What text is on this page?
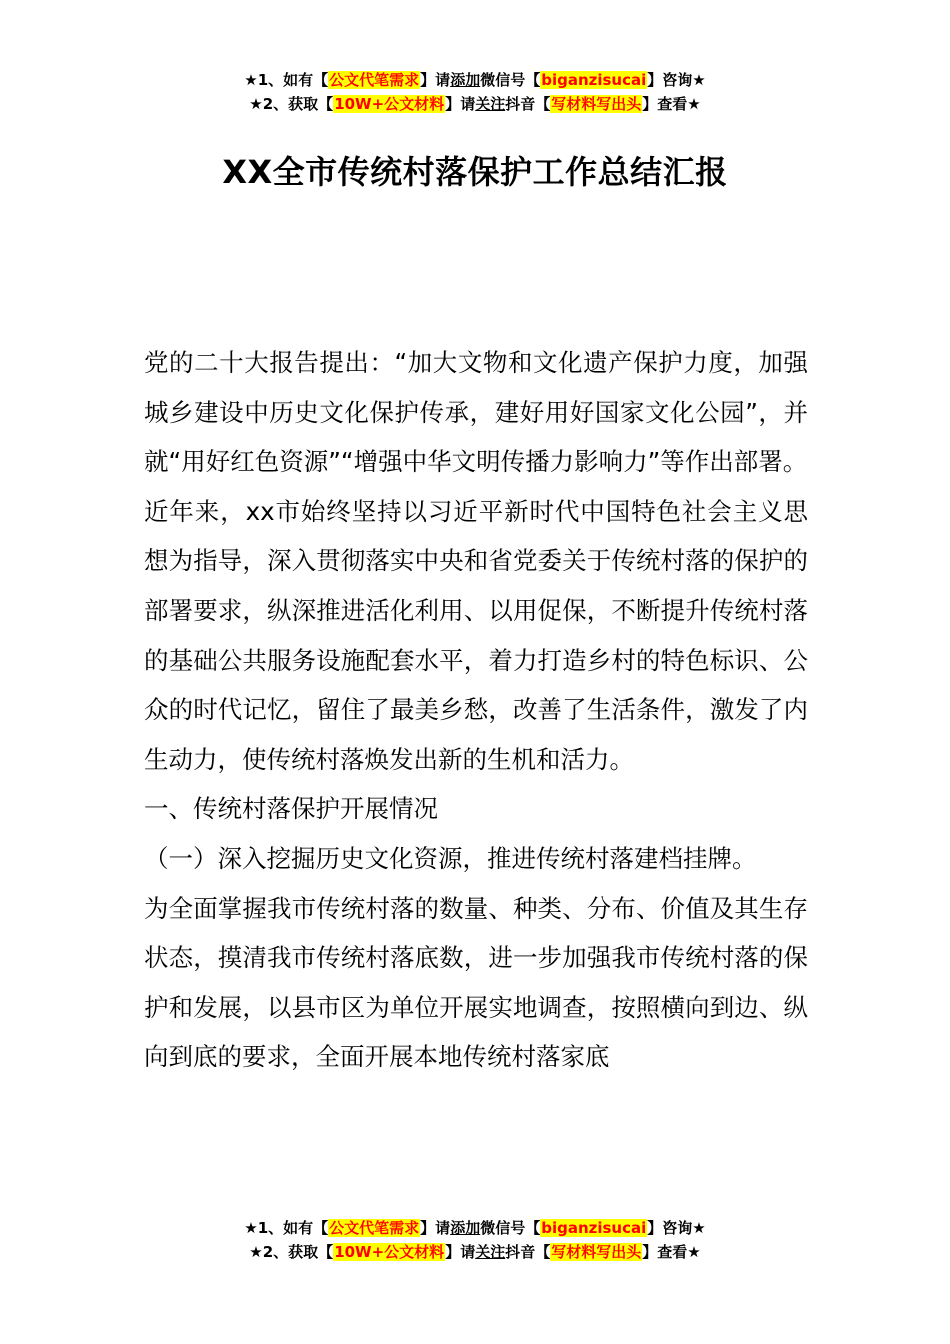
★1、如有【公文代笔需求】请添加微信号【biganzisucai】咨询★
★2、获取【10W+公文材料】请关注抖音【写材料写出头】查看★
XX全市传统村落保护工作总结汇报

党的二十大报告提出：“加大文物和文化遗产保护力度，加强城乡建设中历史文化保护传承，建好用好国家文化公园”，并就“用好红色资源”“增强中华文明传播力影响力”等作出部署。

近年来，xx市始终坚持以习近平新时代中国特色社会主义思想为指导，深入贯彻落实中央和省党委关于传统村落的保护的部署要求，纵深推进活化利用、以用促保，不断提升传统村落的基础公共服务设施配套水平，着力打造乡村的特色标识、公众的时代记忆，留住了最美乡愁，改善了生活条件，激发了内生动力，使传统村落焕发出新的生机和活力。

一、传统村落保护开展情况

（一）深入挖掘历史文化资源，推进传统村落建档挂牌。

为全面掌握我市传统村落的数量、种类、分布、价值及其生存状态，摸清我市传统村落底数，进一步加强我市传统村落的保护和发展，以县市区为单位开展实地调查，按照横向到边、纵向到底的要求，全面开展本地传统村落家底

★1、如有【公文代笔需求】请添加微信号【biganzisucai】咨询★
★2、获取【10W+公文材料】请关注抖音【写材料写出头】查看★
